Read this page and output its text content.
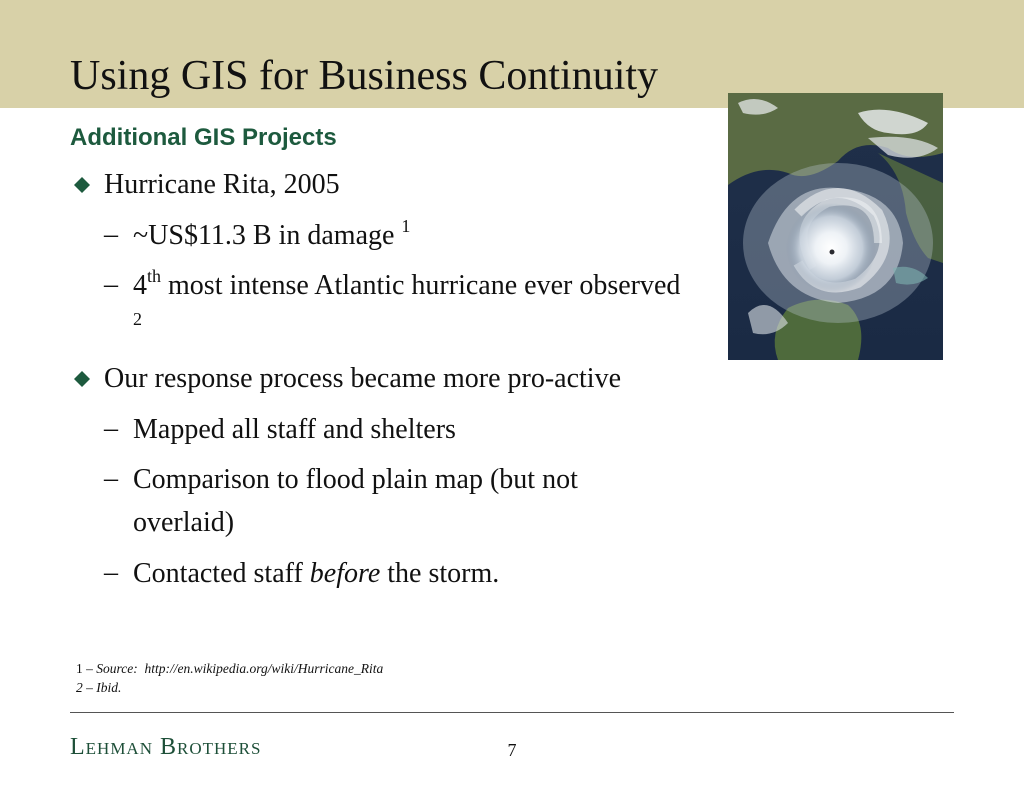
Using GIS for Business Continuity
Additional GIS Projects
Hurricane Rita, 2005
– ~US$11.3 B in damage $^1$
– 4th most intense Atlantic hurricane ever observed $^2$
Our response process became more pro-active
– Mapped all staff and shelters
– Comparison to flood plain map (but not overlaid)
– Contacted staff before the storm.
1 – Source: http://en.wikipedia.org/wiki/Hurricane_Rita
2 – Ibid.
Lehman Brothers	7
